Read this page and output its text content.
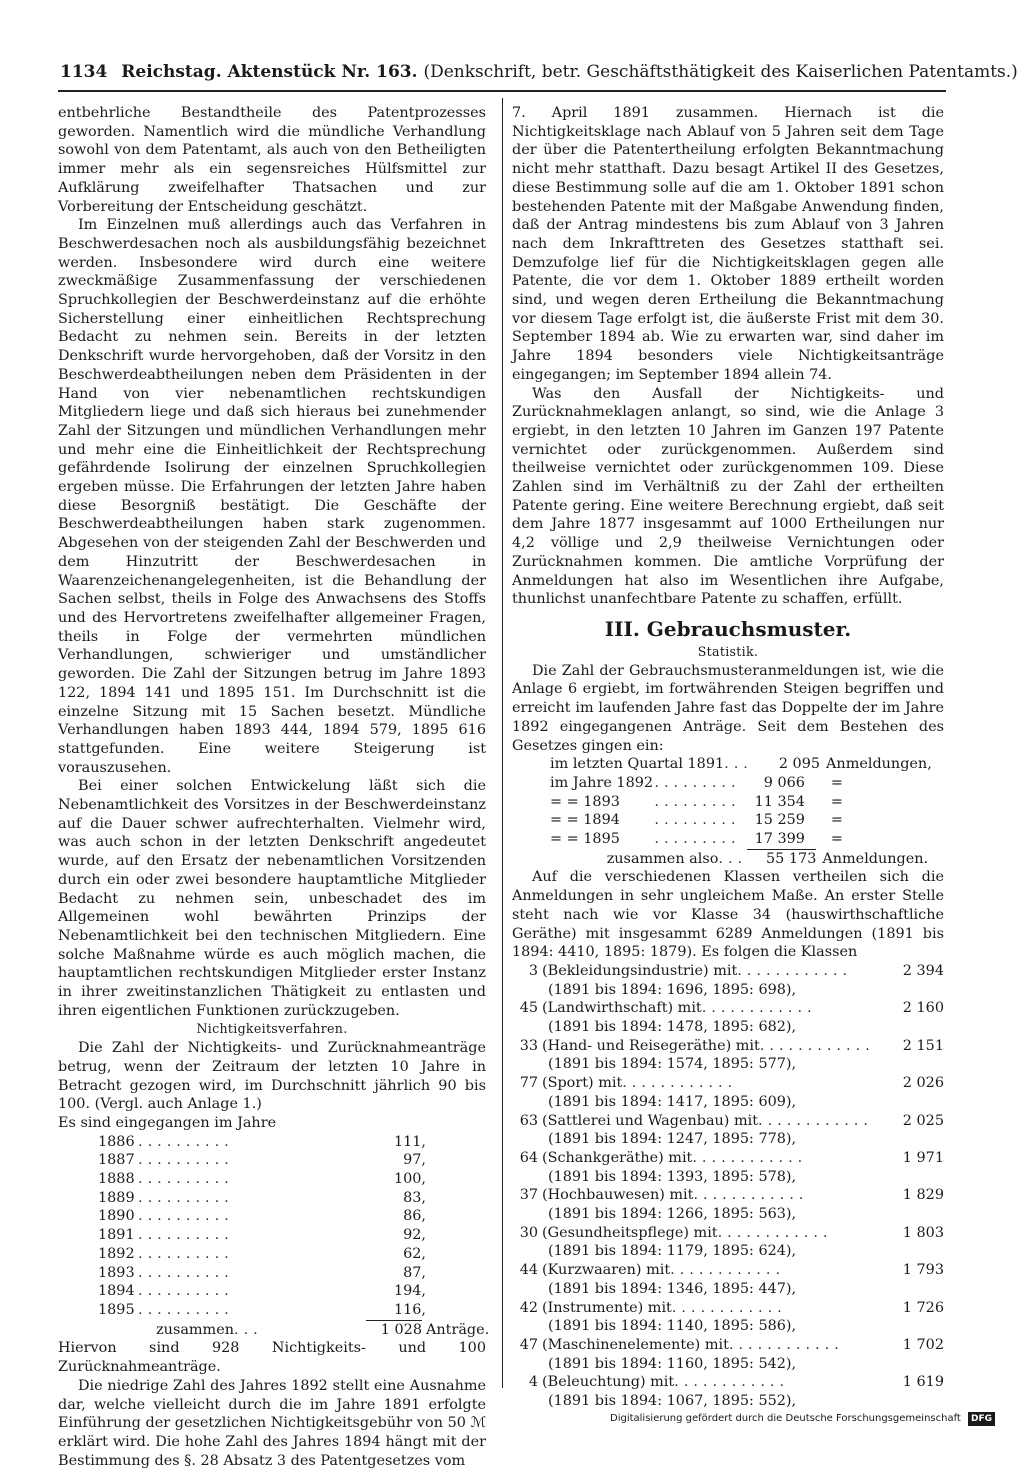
1134 Reichstag. Aktenstück Nr. 163. (Denkschrift, betr. Geschäftsthätigkeit des Kaiserlichen Patentamts.)

entbehrliche Bestandtheile des Patentprozesses geworden. Namentlich wird die mündliche Verhandlung sowohl von dem Patentamt, als auch von den Betheiligten immer mehr als ein segensreiches Hülfsmittel zur Aufklärung zweifelhafter Thatsachen und zur Vorbereitung der Entscheidung geschätzt.

Im Einzelnen muß allerdings auch das Verfahren in Beschwerdesachen noch als ausbildungsfähig bezeichnet werden. Insbesondere wird durch eine weitere zweckmäßige Zusammenfassung der verschiedenen Spruchkollegien der Beschwerdeinstanz auf die erhöhte Sicherstellung einer einheitlichen Rechtsprechung Bedacht zu nehmen sein. Bereits in der letzten Denkschrift wurde hervorgehoben, daß der Vorsitz in den Beschwerdeabtheilungen neben dem Präsidenten in der Hand von vier nebenamtlichen rechtskundigen Mitgliedern liege und daß sich hieraus bei zunehmender Zahl der Sitzungen und mündlichen Verhandlungen mehr und mehr eine die Einheitlichkeit der Rechtsprechung gefährdende Isolirung der einzelnen Spruchkollegien ergeben müsse. Die Erfahrungen der letzten Jahre haben diese Besorgniß bestätigt. Die Geschäfte der Beschwerdeabtheilungen haben stark zugenommen. Abgesehen von der steigenden Zahl der Beschwerden und dem Hinzutritt der Beschwerdesachen in Waarenzeichenangelegenheiten, ist die Behandlung der Sachen selbst, theils in Folge des Anwachsens des Stoffs und des Hervortretens zweifelhafter allgemeiner Fragen, theils in Folge der vermehrten mündlichen Verhandlungen, schwieriger und umständlicher geworden. Die Zahl der Sitzungen betrug im Jahre 1893 122, 1894 141 und 1895 151. Im Durchschnitt ist die einzelne Sitzung mit 15 Sachen besetzt. Mündliche Verhandlungen haben 1893 444, 1894 579, 1895 616 stattgefunden. Eine weitere Steigerung ist vorauszusehen.

Bei einer solchen Entwickelung läßt sich die Nebenamtlichkeit des Vorsitzes in der Beschwerdeinstanz auf die Dauer schwer aufrechterhalten. Vielmehr wird, was auch schon in der letzten Denkschrift angedeutet wurde, auf den Ersatz der nebenamtlichen Vorsitzenden durch ein oder zwei besondere hauptamtliche Mitglieder Bedacht zu nehmen sein, unbeschadet des im Allgemeinen wohl bewährten Prinzips der Nebenamtlichkeit bei den technischen Mitgliedern. Eine solche Maßnahme würde es auch möglich machen, die hauptamtlichen rechtskundigen Mitglieder erster Instanz in ihrer zweitinstanzlichen Thätigkeit zu entlasten und ihren eigentlichen Funktionen zurückzugeben.

Nichtigkeitsverfahren.

Die Zahl der Nichtigkeits- und Zurücknahmeanträge betrug, wenn der Zeitraum der letzten 10 Jahre in Betracht gezogen wird, im Durchschnitt jährlich 90 bis 100. (Vergl. auch Anlage 1.)

Es sind eingegangen im Jahre

1886 ..........	111,
1887 ..........	97,
1888 ..........	100,
1889 ..........	83,
1890 ..........	86,
1891 ..........	92,
1892 ..........	62,
1893 ..........	87,
1894 ..........	194,
1895 ..........	116,
zusammen ...	1 028 Anträge.

Hiervon sind 928 Nichtigkeits- und 100 Zurücknahmeanträge.

Die niedrige Zahl des Jahres 1892 stellt eine Ausnahme dar, welche vielleicht durch die im Jahre 1891 erfolgte Einführung der gesetzlichen Nichtigkeitsgebühr von 50 ℳ erklärt wird. Die hohe Zahl des Jahres 1894 hängt mit der Bestimmung des §. 28 Absatz 3 des Patentgesetzes vom

7. April 1891 zusammen. Hiernach ist die Nichtigkeitsklage nach Ablauf von 5 Jahren seit dem Tage der über die Patentertheilung erfolgten Bekanntmachung nicht mehr statthaft. Dazu besagt Artikel II des Gesetzes, diese Bestimmung solle auf die am 1. Oktober 1891 schon bestehenden Patente mit der Maßgabe Anwendung finden, daß der Antrag mindestens bis zum Ablauf von 3 Jahren nach dem Inkrafttreten des Gesetzes statthaft sei. Demzufolge lief für die Nichtigkeitsklagen gegen alle Patente, die vor dem 1. Oktober 1889 ertheilt worden sind, und wegen deren Ertheilung die Bekanntmachung vor diesem Tage erfolgt ist, die äußerste Frist mit dem 30. September 1894 ab. Wie zu erwarten war, sind daher im Jahre 1894 besonders viele Nichtigkeitsanträge eingegangen; im September 1894 allein 74.

Was den Ausfall der Nichtigkeits- und Zurücknahmeklagen anlangt, so sind, wie die Anlage 3 ergiebt, in den letzten 10 Jahren im Ganzen 197 Patente vernichtet oder zurückgenommen. Außerdem sind theilweise vernichtet oder zurückgenommen 109. Diese Zahlen sind im Verhältniß zu der Zahl der ertheilten Patente gering. Eine weitere Berechnung ergiebt, daß seit dem Jahre 1877 insgesammt auf 1000 Ertheilungen nur 4,2 völlige und 2,9 theilweise Vernichtungen oder Zurücknahmen kommen. Die amtliche Vorprüfung der Anmeldungen hat also im Wesentlichen ihre Aufgabe, thunlichst unanfechtbare Patente zu schaffen, erfüllt.

III. Gebrauchsmuster.
Statistik.

Die Zahl der Gebrauchsmusteranmeldungen ist, wie die Anlage 6 ergiebt, im fortwährenden Steigen begriffen und erreicht im laufenden Jahre fast das Doppelte der im Jahre 1892 eingegangenen Anträge. Seit dem Bestehen des Gesetzes gingen ein:

im letzten Quartal 1891 ...	2 095 Anmeldungen,
im Jahre 1892 .........	9 066	=
= = 1893	......... 11 354	=
= = 1894	......... 15 259	=
= = 1895	......... 17 399	=
zusammen also ...	55 173 Anmeldungen.

Auf die verschiedenen Klassen vertheilen sich die Anmeldungen in sehr ungleichem Maße. An erster Stelle steht nach wie vor Klasse 34 (hauswirthschaftliche Geräthe) mit insgesammt 6289 Anmeldungen (1891 bis 1894: 4410, 1895: 1879). Es folgen die Klassen

3 (Bekleidungsindustrie) mit ............	2 394
(1891 bis 1894: 1696, 1895: 698),
45 (Landwirthschaft) mit ............	2 160
(1891 bis 1894: 1478, 1895: 682),
33 (Hand- und Reisegeräthe) mit ............	2 151
(1891 bis 1894: 1574, 1895: 577),
77 (Sport) mit ............	2 026
(1891 bis 1894: 1417, 1895: 609),
63 (Sattlerei und Wagenbau) mit ............	2 025
(1891 bis 1894: 1247, 1895: 778),
64 (Schankgeräthe) mit ............	1 971
(1891 bis 1894: 1393, 1895: 578),
37 (Hochbauwesen) mit ............	1 829
(1891 bis 1894: 1266, 1895: 563),
30 (Gesundheitspflege) mit ............	1 803
(1891 bis 1894: 1179, 1895: 624),
44 (Kurzwaaren) mit ............	1 793
(1891 bis 1894: 1346, 1895: 447),
42 (Instrumente) mit ............	1 726
(1891 bis 1894: 1140, 1895: 586),
47 (Maschinenelemente) mit ............	1 702
(1891 bis 1894: 1160, 1895: 542),
4 (Beleuchtung) mit ............	1 619
(1891 bis 1894: 1067, 1895: 552),
Digitalisierung gefördert durch die Deutsche Forschungsgemeinschaft DFG
